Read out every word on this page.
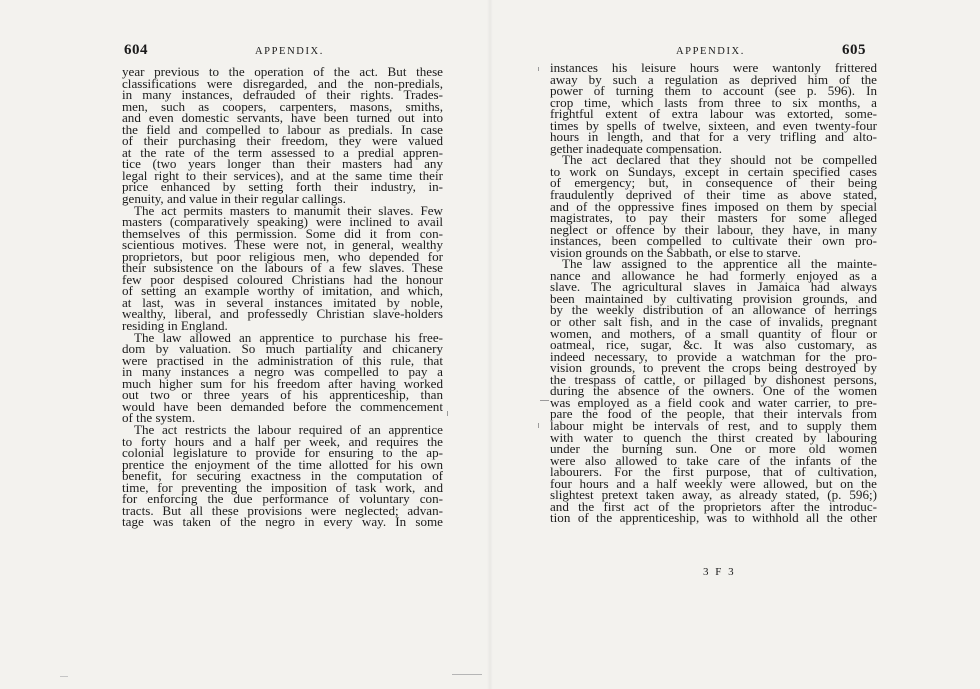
604	APPENDIX.
year previous to the operation of the act. But these
classifications were disregarded, and the non-predials,
in many instances, defrauded of their rights. Trades-
men, such as coopers, carpenters, masons, smiths,
and even domestic servants, have been turned out into
the field and compelled to labour as predials. In case
of their purchasing their freedom, they were valued
at the rate of the term assessed to a predial appren-
tice (two years longer than their masters had any
legal right to their services), and at the same time their
price enhanced by setting forth their industry, in-
genuity, and value in their regular callings.
The act permits masters to manumit their slaves. Few
masters (comparatively speaking) were inclined to avail
themselves of this permission. Some did it from con-
scientious motives. These were not, in general, wealthy
proprietors, but poor religious men, who depended for
their subsistence on the labours of a few slaves. These
few poor despised coloured Christians had the honour
of setting an example worthy of imitation, and which,
at last, was in several instances imitated by noble,
wealthy, liberal, and professedly Christian slave-holders
residing in England.
The law allowed an apprentice to purchase his free-
dom by valuation. So much partiality and chicanery
were practised in the administration of this rule, that
in many instances a negro was compelled to pay a
much higher sum for his freedom after having worked
out two or three years of his apprenticeship, than
would have been demanded before the commencement
of the system.
The act restricts the labour required of an apprentice
to forty hours and a half per week, and requires the
colonial legislature to provide for ensuring to the ap-
prentice the enjoyment of the time allotted for his own
benefit, for securing exactness in the computation of
time, for preventing the imposition of task work, and
for enforcing the due performance of voluntary con-
tracts. But all these provisions were neglected; advan-
tage was taken of the negro in every way. In some
APPENDIX.	605
instances his leisure hours were wantonly frittered
away by such a regulation as deprived him of the
power of turning them to account (see p. 596). In
crop time, which lasts from three to six months, a
frightful extent of extra labour was extorted, some-
times by spells of twelve, sixteen, and even twenty-four
hours in length, and that for a very trifling and alto-
gether inadequate compensation.
The act declared that they should not be compelled
to work on Sundays, except in certain specified cases
of emergency; but, in consequence of their being
fraudulently deprived of their time as above stated,
and of the oppressive fines imposed on them by special
magistrates, to pay their masters for some alleged
neglect or offence by their labour, they have, in many
instances, been compelled to cultivate their own pro-
vision grounds on the Sabbath, or else to starve.
The law assigned to the apprentice all the mainte-
nance and allowance he had formerly enjoyed as a
slave. The agricultural slaves in Jamaica had always
been maintained by cultivating provision grounds, and
by the weekly distribution of an allowance of herrings
or other salt fish, and in the case of invalids, pregnant
women, and mothers, of a small quantity of flour or
oatmeal, rice, sugar, &c. It was also customary, as
indeed necessary, to provide a watchman for the pro-
vision grounds, to prevent the crops being destroyed by
the trespass of cattle, or pillaged by dishonest persons,
during the absence of the owners. One of the women
was employed as a field cook and water carrier, to pre-
pare the food of the people, that their intervals from
labour might be intervals of rest, and to supply them
with water to quench the thirst created by labouring
under the burning sun. One or more old women
were also allowed to take care of the infants of the
labourers. For the first purpose, that of cultivation,
four hours and a half weekly were allowed, but on the
slightest pretext taken away, as already stated, (p. 596;)
and the first act of the proprietors after the introduc-
tion of the apprenticeship, was to withhold all the other
3 F 3
